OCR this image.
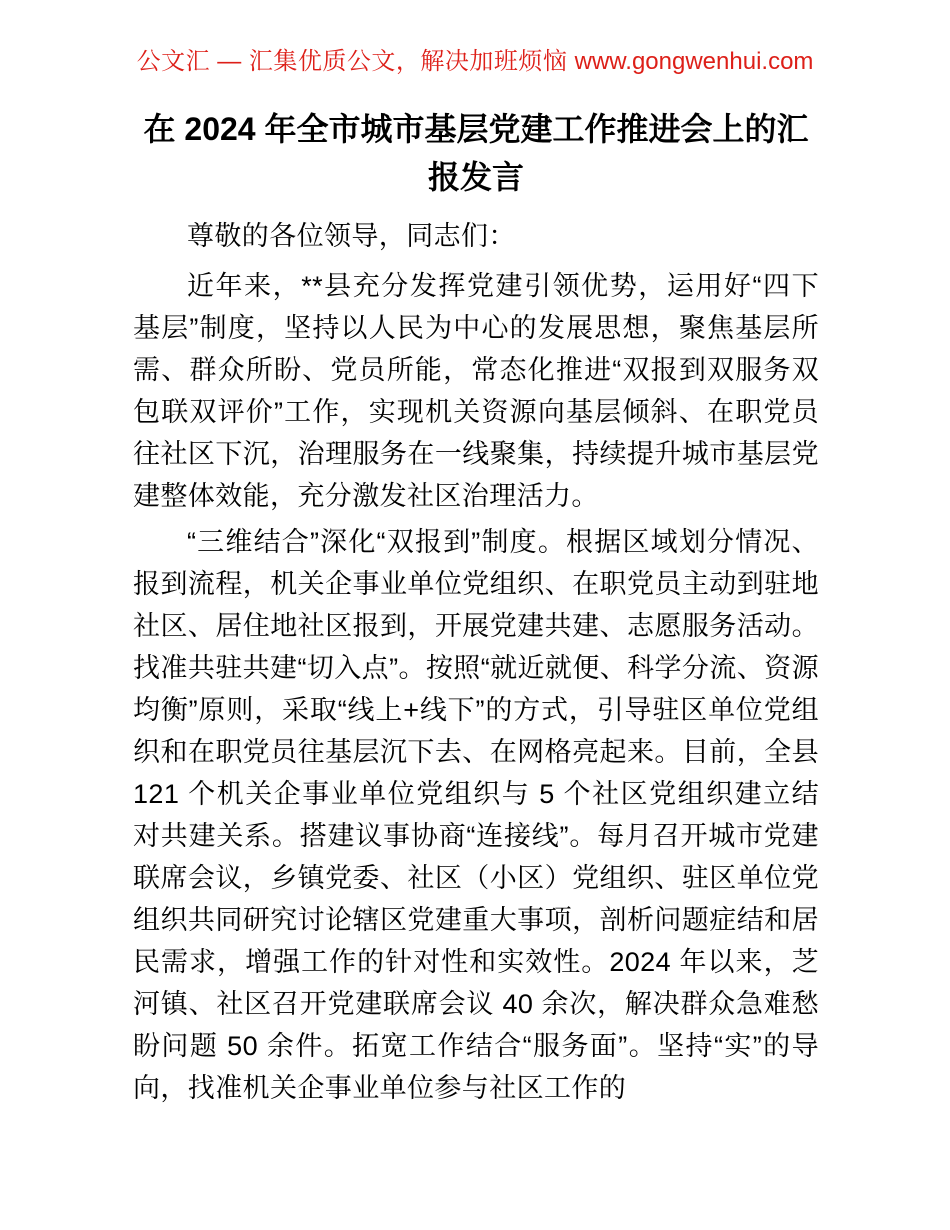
公文汇 — 汇集优质公文，解决加班烦恼 www.gongwenhui.com
在 2024 年全市城市基层党建工作推进会上的汇报发言

尊敬的各位领导，同志们：

近年来，**县充分发挥党建引领优势，运用好“四下基层”制度，坚持以人民为中心的发展思想，聚焦基层所需、群众所盼、党员所能，常态化推进“双报到双服务双包联双评价”工作，实现机关资源向基层倾斜、在职党员往社区下沉，治理服务在一线聚集，持续提升城市基层党建整体效能，充分激发社区治理活力。

“三维结合”深化“双报到”制度。根据区域划分情况、报到流程，机关企事业单位党组织、在职党员主动到驻地社区、居住地社区报到，开展党建共建、志愿服务活动。找准共驻共建“切入点”。按照“就近就便、科学分流、资源均衡”原则，采取“线上+线下”的方式，引导驻区单位党组织和在职党员往基层沉下去、在网格亮起来。目前，全县 121 个机关企事业单位党组织与 5 个社区党组织建立结对共建关系。搭建议事协商“连接线”。每月召开城市党建联席会议，乡镇党委、社区（小区）党组织、驻区单位党组织共同研究讨论辖区党建重大事项，剖析问题症结和居民需求，增强工作的针对性和实效性。2024 年以来，芝河镇、社区召开党建联席会议 40 余次，解决群众急难愁盼问题 50 余件。拓宽工作结合“服务面”。坚持“实”的导向，找准机关企事业单位参与社区工作的
